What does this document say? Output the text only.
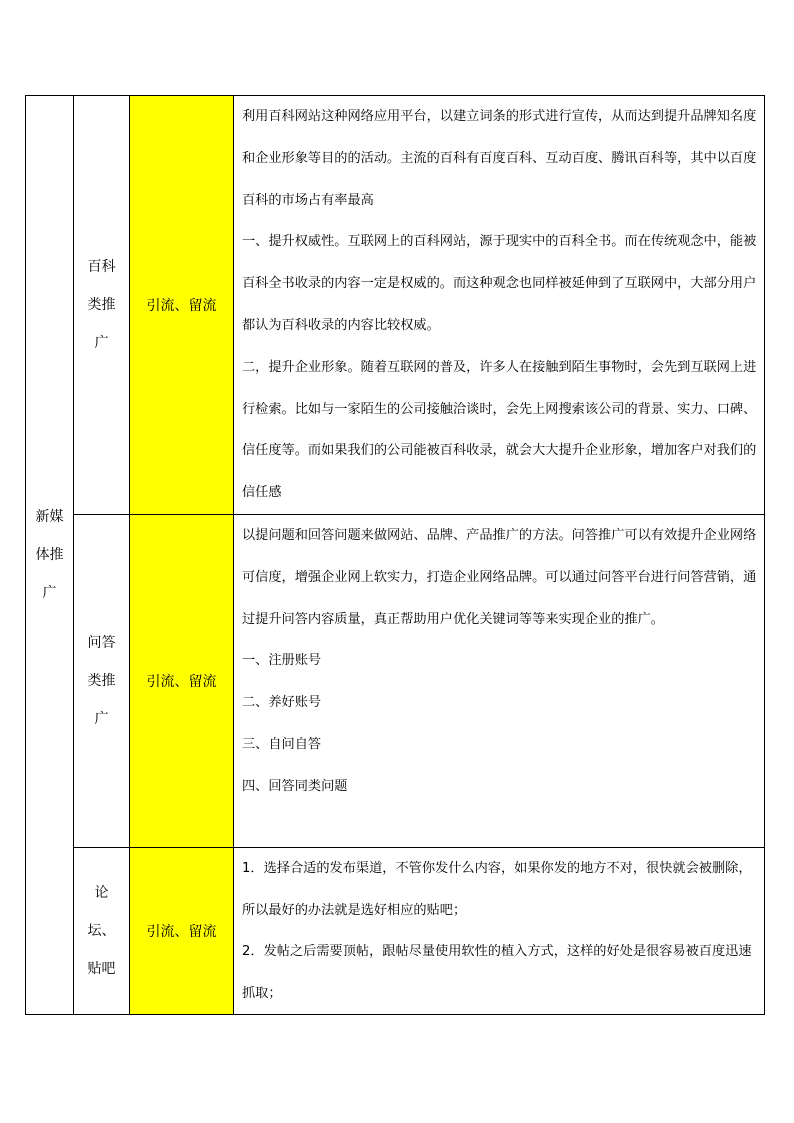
新媒体推广	百科类推广	引流、留流	利用百科网站这种网络应用平台，以建立词条的形式进行宣传，从而达到提升品牌知名度和企业形象等目的的活动。主流的百科有百度百科、互动百度、腾讯百科等，其中以百度百科的市场占有率最高

一、提升权威性。互联网上的百科网站，源于现实中的百科全书。而在传统观念中，能被百科全书收录的内容一定是权威的。而这种观念也同样被延伸到了互联网中，大部分用户都认为百科收录的内容比较权威。

二，提升企业形象。随着互联网的普及，许多人在接触到陌生事物时，会先到互联网上进行检索。比如与一家陌生的公司接触洽谈时，会先上网搜索该公司的背景、实力、口碑、信任度等。而如果我们的公司能被百科收录，就会大大提升企业形象，增加客户对我们的信任感

	问答类推广	引流、留流	以提问题和回答问题来做网站、品牌、产品推广的方法。问答推广可以有效提升企业网络可信度，增强企业网上软实力，打造企业网络品牌。可以通过问答平台进行问答营销，通过提升问答内容质量，真正帮助用户优化关键词等等来实现企业的推广。

一、注册账号

二、养好账号

三、自问自答

四、回答同类问题

	论坛、贴吧	引流、留流	1．选择合适的发布渠道，不管你发什么内容，如果你发的地方不对，很快就会被删除，所以最好的办法就是选好相应的贴吧；

2．发帖之后需要顶帖，跟帖尽量使用软性的植入方式，这样的好处是很容易被百度迅速抓取；
